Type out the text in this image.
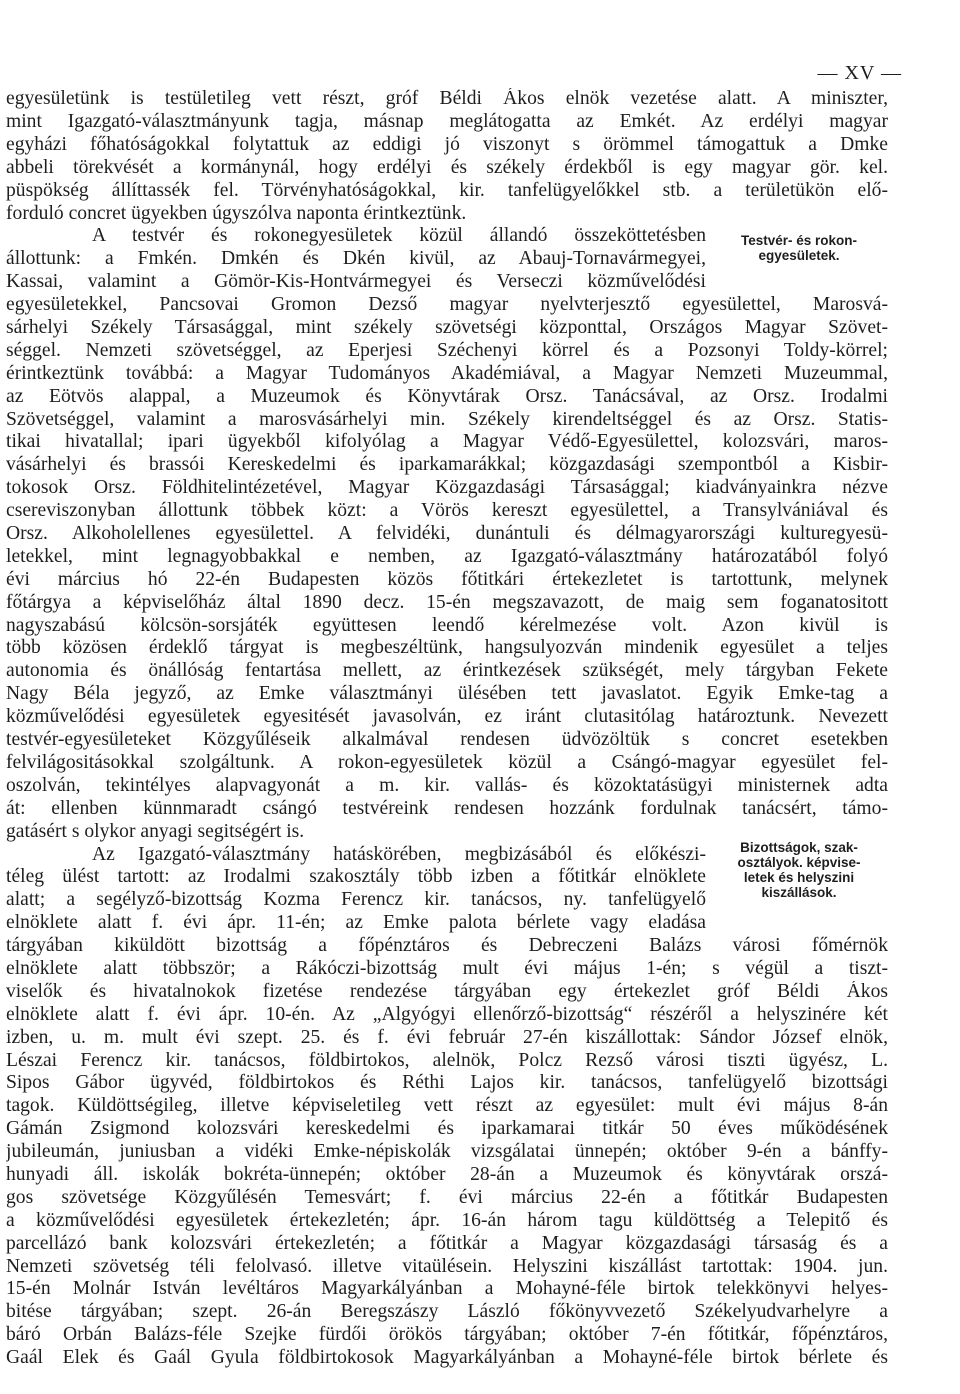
— XV —
egyesületünk is testületileg vett részt, gróf Béldi Ákos elnök vezetése alatt. A miniszter,
mint Igazgató-választmányunk tagja, másnap meglátogatta az Emkét. Az erdélyi magyar
egyházi főhatóságokkal folytattuk az eddigi jó viszonyt s örömmel támogattuk a Dmke
abbeli törekvését a kormánynál, hogy erdélyi és székely érdekből is egy magyar gör. kel.
püspökség állíttassék fel. Törvényhatóságokkal, kir. tanfelügyelőkkel stb. a területükön elő-
forduló concret ügyekben úgyszólva naponta érintkeztünk.
A testvér és rokonegyesületek közül állandó összeköttetésben	Testvér- és rokon-
egyesületek.
állottunk: a Fmkén. Dmkén és Dkén kivül, az Abauj-Tornavármegyei,
Kassai, valamint a Gömör-Kis-Hontvármegyei és Verseczi közművelődési
egyesületekkel, Pancsovai Gromon Dezső magyar nyelvterjesztő egyesülettel, Marosvá-
sárhelyi Székely Társasággal, mint székely szövetségi központtal, Országos Magyar Szövet-
séggel. Nemzeti szövetséggel, az Eperjesi Széchenyi körrel és a Pozsonyi Toldy-körrel;
érintkeztünk továbbá: a Magyar Tudományos Akadémiával, a Magyar Nemzeti Muzeummal,
az Eötvös alappal, a Muzeumok és Könyvtárak Orsz. Tanácsával, az Orsz. Irodalmi
Szövetséggel, valamint a marosvásárhelyi min. Székely kirendeltséggel és az Orsz. Statis-
tikai hivatallal; ipari ügyekből kifolyólag a Magyar Védő-Egyesülettel, kolozsvári, maros-
vásárhelyi és brassói Kereskedelmi és iparkamarákkal; közgazdasági szempontból a Kisbir-
tokosok Orsz. Földhitelintézetével, Magyar Közgazdasági Társasággal; kiadványainkra nézve
csereviszonyban állottunk többek közt: a Vörös kereszt egyesülettel, a Transylvániával és
Orsz. Alkoholellenes egyesülettel. A felvidéki, dunántuli és délmagyarországi kulturegyesü-
letekkel, mint legnagyobbakkal e nemben, az Igazgató-választmány határozatából folyó
évi március hó 22-én Budapesten közös főtitkári értekezletet is tartottunk, melynek
főtárgya a képviselőház által 1890 decz. 15-én megszavazott, de maig sem foganatositott
nagyszabású kölcsön-sorsjáték együttesen leendő kérelmezése volt. Azon kivül is
több közösen érdeklő tárgyat is megbeszéltünk, hangsulyozván mindenik egyesület a teljes
autonomia és önállóság fentartása mellett, az érintkezések szükségét, mely tárgyban Fekete
Nagy Béla jegyző, az Emke választmányi ülésében tett javaslatot. Egyik Emke-tag a
közművelődési egyesületek egyesitését javasolván, ez iránt clutasitólag határoztunk. Nevezett
testvér-egyesületeket Közgyűléseik alkalmával rendesen üdvözöltük s concret esetekben
felvilágositásokkal szolgáltunk. A rokon-egyesületek közül a Csángó-magyar egyesület fel-
oszolván, tekintélyes alapvagyonát a m. kir. vallás- és közoktatásügyi ministernek adta
át: ellenben künnmaradt csángó testvéreink rendesen hozzánk fordulnak tanácsért, támo-
gatásért s olykor anyagi segitségért is.
Az Igazgató-választmány hatáskörében, megbizásából és előkészi-	Bizottságok, szak-
osztályok. képvise-
letek és helyszini
kiszállások.
téleg ülést tartott: az Irodalmi szakosztály több izben a főtitkár elnöklete
alatt; a segélyző-bizottság Kozma Ferencz kir. tanácsos, ny. tanfelügyelő
elnöklete alatt f. évi ápr. 11-én; az Emke palota bérlete vagy eladása
tárgyában kiküldött bizottság a főpénztáros és Debreczeni Balázs városi főmérnök
elnöklete alatt többször; a Rákóczi-bizottság mult évi május 1-én; s végül a tiszt-
viselők és hivatalnokok fizetése rendezése tárgyában egy értekezlet gróf Béldi Ákos
elnöklete alatt f. évi ápr. 10-én. Az „Algyógyi ellenőrző-bizottság“ részéről a helyszinére két
izben, u. m. mult évi szept. 25. és f. évi február 27-én kiszállottak: Sándor József elnök,
Lészai Ferencz kir. tanácsos, földbirtokos, alelnök, Polcz Rezső városi tiszti ügyész, L.
Sipos Gábor ügyvéd, földbirtokos és Réthi Lajos kir. tanácsos, tanfelügyelő bizottsági
tagok. Küldöttségileg, illetve képviseletileg vett részt az egyesület: mult évi május 8-án
Gámán Zsigmond kolozsvári kereskedelmi és iparkamarai titkár 50 éves működésének
jubileumán, juniusban a vidéki Emke-népiskolák vizsgálatai ünnepén; október 9-én a bánffy-
hunyadi áll. iskolák bokréta-ünnepén; október 28-án a Muzeumok és könyvtárak orszá-
gos szövetsége Közgyűlésén Temesvárt; f. évi március 22-én a főtitkár Budapesten
a közművelődési egyesületek értekezletén; ápr. 16-án három tagu küldöttség a Telepitő és
parcellázó bank kolozsvári értekezletén; a főtitkár a Magyar közgazdasági társaság és a
Nemzeti szövetség téli felolvasó. illetve vitaülésein. Helyszini kiszállást tartottak: 1904. jun.
15-én Molnár István levéltáros Magyarkályánban a Mohayné-féle birtok telekkönyvi helyes-
bitése tárgyában; szept. 26-án Beregszászy László főkönyvvezető Székelyudvarhelyre a
báró Orbán Balázs-féle Szejke fürdői örökös tárgyában; október 7-én főtitkár, főpénztáros,
Gaál Elek és Gaál Gyula földbirtokosok Magyarkályánban a Mohayné-féle birtok bérlete és
